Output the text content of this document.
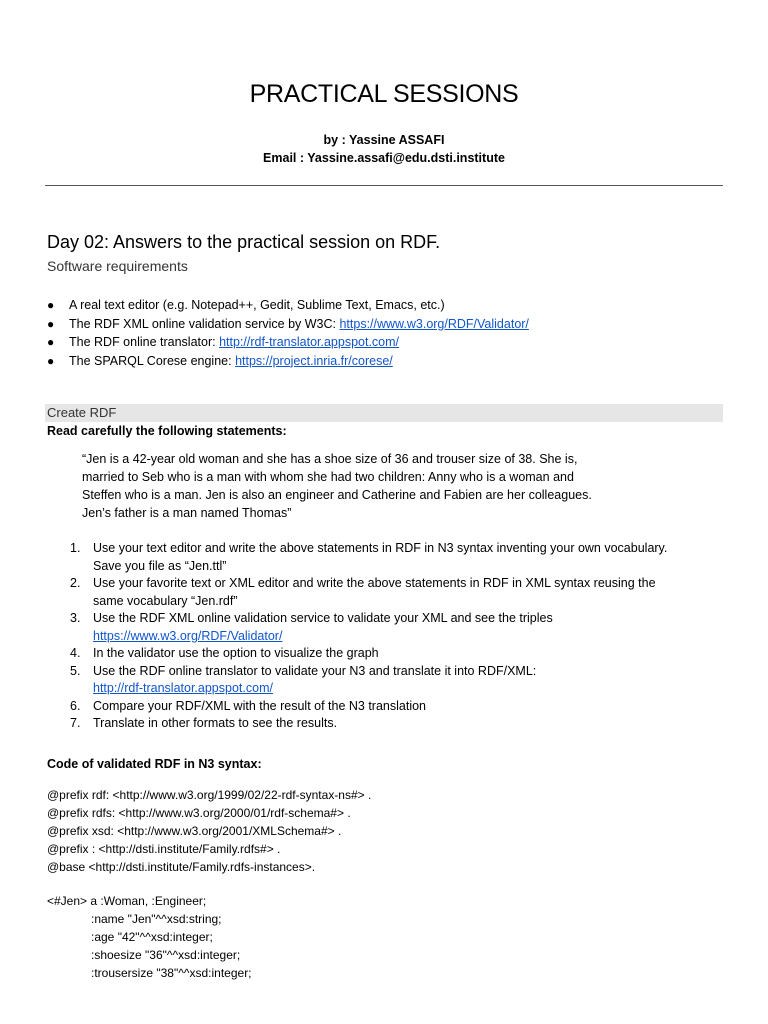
PRACTICAL SESSIONS
by : Yassine ASSAFI
Email : Yassine.assafi@edu.dsti.institute
Day 02: Answers to the practical session on RDF.
Software requirements
● A real text editor (e.g. Notepad++, Gedit, Sublime Text, Emacs, etc.)
● The RDF XML online validation service by W3C: https://www.w3.org/RDF/Validator/
● The RDF online translator: http://rdf-translator.appspot.com/
● The SPARQL Corese engine: https://project.inria.fr/corese/
Create RDF
Read carefully the following statements:
“Jen is a 42-year old woman and she has a shoe size of 36 and trouser size of 38. She is,
married to Seb who is a man with whom she had two children: Anny who is a woman and
Steffen who is a man. Jen is also an engineer and Catherine and Fabien are her colleagues.
Jen’s father is a man named Thomas”
1. Use your text editor and write the above statements in RDF in N3 syntax inventing your own vocabulary.
Save you file as “Jen.ttl”
2. Use your favorite text or XML editor and write the above statements in RDF in XML syntax reusing the
same vocabulary “Jen.rdf”
3. Use the RDF XML online validation service to validate your XML and see the triples
https://www.w3.org/RDF/Validator/
4. In the validator use the option to visualize the graph
5. Use the RDF online translator to validate your N3 and translate it into RDF/XML:
http://rdf-translator.appspot.com/
6. Compare your RDF/XML with the result of the N3 translation
7. Translate in other formats to see the results.
Code of validated RDF in N3 syntax:
@prefix rdf: <http://www.w3.org/1999/02/22-rdf-syntax-ns#> .
@prefix rdfs: <http://www.w3.org/2000/01/rdf-schema#> .
@prefix xsd: <http://www.w3.org/2001/XMLSchema#> .
@prefix : <http://dsti.institute/Family.rdfs#> .
@base <http://dsti.institute/Family.rdfs-instances>.
<#Jen> a :Woman, :Engineer;
:name "Jen"^^xsd:string;
:age "42"^^xsd:integer;
:shoesize "36"^^xsd:integer;
:trousersize "38"^^xsd:integer;
